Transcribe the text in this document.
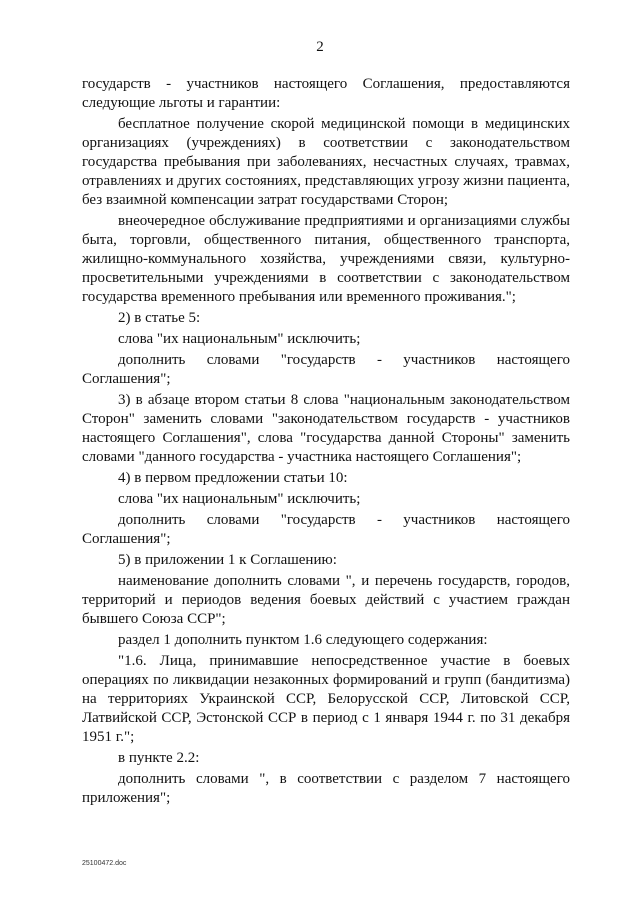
2

государств - участников настоящего Соглашения, предоставляются следующие льготы и гарантии:

бесплатное получение скорой медицинской помощи в медицинских организациях (учреждениях) в соответствии с законодательством государства пребывания при заболеваниях, несчастных случаях, травмах, отравлениях и других состояниях, представляющих угрозу жизни пациента, без взаимной компенсации затрат государствами Сторон;

внеочередное обслуживание предприятиями и организациями службы быта, торговли, общественного питания, общественного транспорта, жилищно-коммунального хозяйства, учреждениями связи, культурно-просветительными учреждениями в соответствии с законодательством государства временного пребывания или временного проживания.";

2) в статье 5:

слова "их национальным" исключить;

дополнить словами "государств - участников настоящего Соглашения";

3) в абзаце втором статьи 8 слова "национальным законодательством Сторон" заменить словами "законодательством государств - участников настоящего Соглашения", слова "государства данной Стороны" заменить словами "данного государства - участника настоящего Соглашения";

4) в первом предложении статьи 10:

слова "их национальным" исключить;

дополнить словами "государств - участников настоящего Соглашения";

5) в приложении 1 к Соглашению:

наименование дополнить словами ", и перечень государств, городов, территорий и периодов ведения боевых действий с участием граждан бывшего Союза ССР";

раздел 1 дополнить пунктом 1.6 следующего содержания:

"1.6. Лица, принимавшие непосредственное участие в боевых операциях по ликвидации незаконных формирований и групп (бандитизма) на территориях Украинской ССР, Белорусской ССР, Литовской ССР, Латвийской ССР, Эстонской ССР в период с 1 января 1944 г. по 31 декабря 1951 г.";

в пункте 2.2:

дополнить словами ", в соответствии с разделом 7 настоящего приложения";

25100472.doc
